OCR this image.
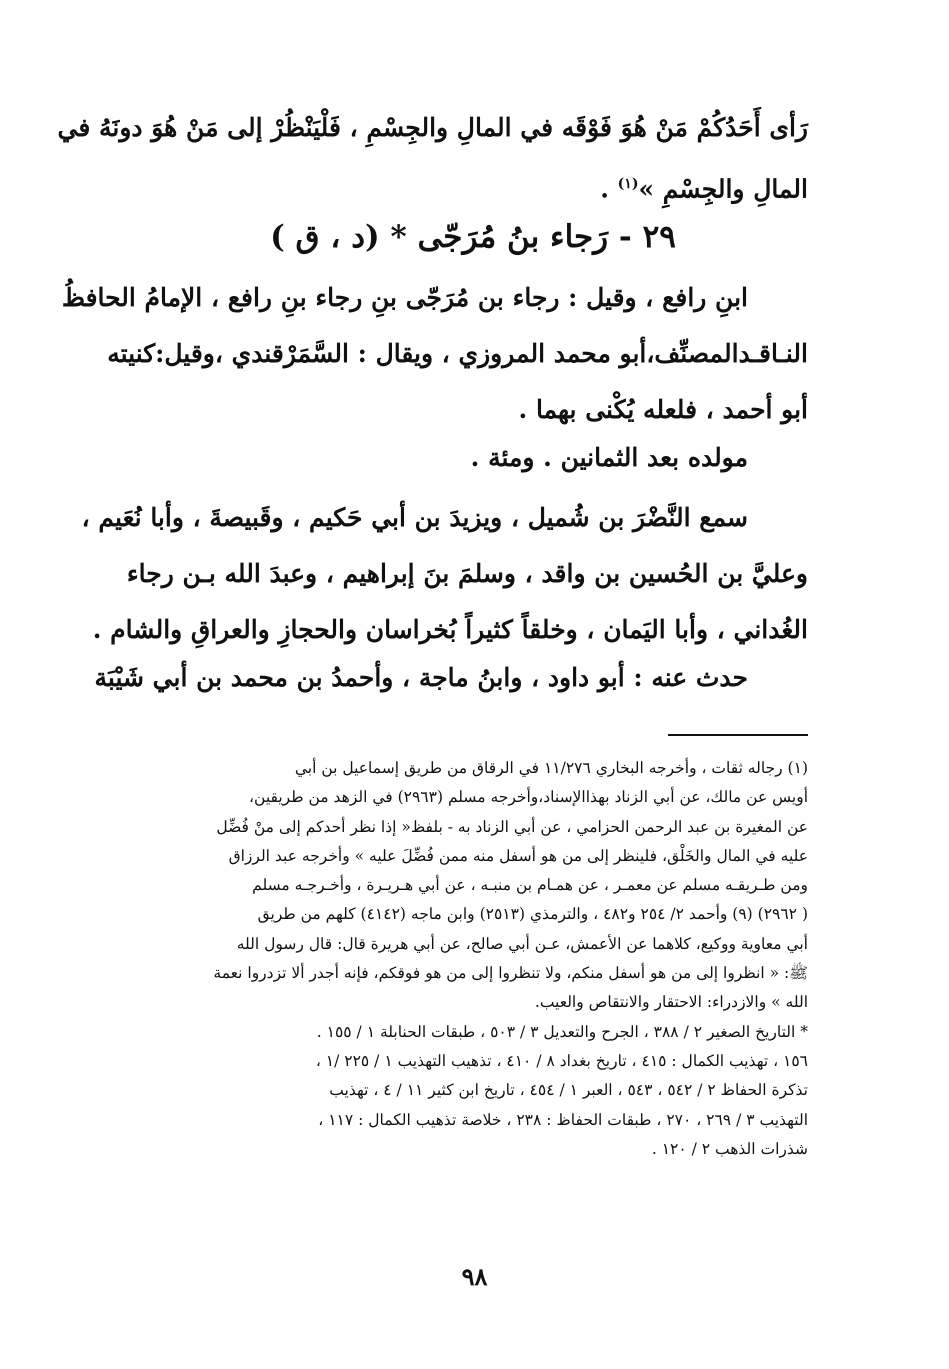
رَأى أَحَدُكُمْ مَنْ هُوَ فَوْقَه في المالِ والجِسْمِ ، فَلْيَنْظُرْ إلى مَنْ هُوَ دونَهُ في
المالِ والجِسْمِ »$^{(١)}$ .
٢٩ - رَجاء بنُ مُرَجّى * (د ، ق )
ابنِ رافع ، وقيل : رجاء بن مُرَجّى بنِ رجاء بنِ رافع ، الإمامُ الحافظُ
النـاقـدالمصنِّف،أبو محمد المروزي ، ويقال : السَّمَرْقندي ،وقيل:كنيته
أبو أحمد ، فلعله يُكْنى بهما .
مولده بعد الثمانين . ومئة .
سمع النَّضْرَ بن شُميل ، ويزيدَ بن أبي حَكيم ، وقَبيصةَ ، وأبا نُعَيم ،
وعليَّ بن الحُسين بن واقد ، وسلمَ بنَ إبراهيم ، وعبدَ الله بـن رجاء
الغُداني ، وأبا اليَمان ، وخلقاً كثيراً بُخراسان والحجازِ والعراقِ والشام .
حدث عنه : أبو داود ، وابنُ ماجة ، وأحمدُ بن محمد بن أبي شَيْبَة
(١) رجاله ثقات ، وأخرجه البخاري ١١/٢٧٦ في الرقاق من طريق إسماعيل بن أبي
أويس عن مالك، عن أبي الزناد بهذاالإسناد،وأخرجه مسلم (٢٩٦٣) في الزهد من طريقين،
عن المغيرة بن عبد الرحمن الحزامي ، عن أبي الزناد به - بلفظ« إذا نظر أحدكم إلى منْ فُضِّل
عليه في المال والخَلْق، فلينظر إلى من هو أسفل منه ممن فُضِّلَ عليه » وأخرجه عبد الرزاق
ومن طـريقـه مسلم عن معمـر ، عن همـام بن منبـه ، عن أبي هـريـرة ، وأخـرجـه مسلم
( ٢٩٦٢) (٩) وأحمد ٢/ ٢٥٤ و٤٨٢ ، والترمذي (٢٥١٣) وابن ماجه (٤١٤٢) كلهم من طريق
أبي معاوية ووكيع، كلاهما عن الأعمش، عـن أبي صالح، عن أبي هريرة قال: قال رسول الله
ﷺ: « انظروا إلى من هو أسفل منكم، ولا تنظروا إلى من هو فوقكم، فإنه أجدر ألا تزدروا نعمة
الله » والازدراء: الاحتقار والانتقاص والعيب.
* التاريخ الصغير ٢ / ٣٨٨ ، الجرح والتعديل ٣ / ٥٠٣ ، طبقات الحنابلة ١ / ١٥٥ .
١٥٦ ، تهذيب الكمال : ٤١٥ ، تاريخ بغداد ٨ / ٤١٠ ، تذهيب التهذيب ١ / ٢٢٥ /١ ،
تذكرة الحفاظ ٢ / ٥٤٢ ، ٥٤٣ ، العبر ١ / ٤٥٤ ، تاريخ ابن كثير ١١ / ٤ ، تهذيب
التهذيب ٣ / ٢٦٩ ، ٢٧٠ ، طبقات الحفاظ : ٢٣٨ ، خلاصة تذهيب الكمال : ١١٧ ،
شذرات الذهب ٢ / ١٢٠ .
٩٨
